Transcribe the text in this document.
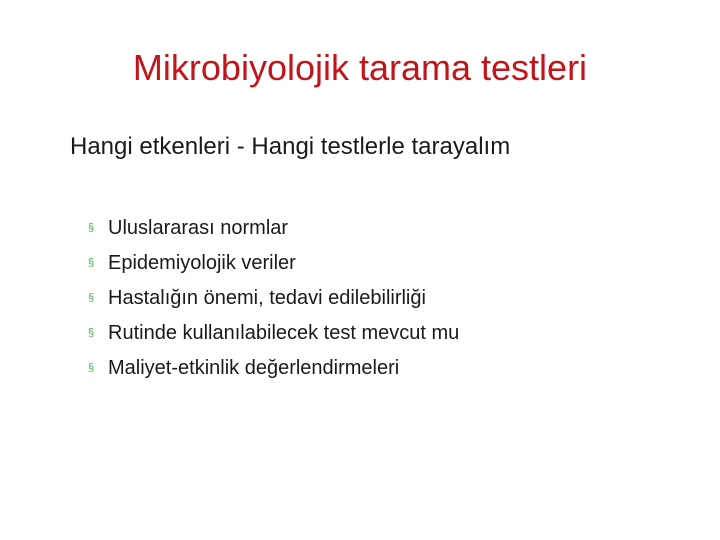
Mikrobiyolojik tarama testleri
Hangi etkenleri - Hangi testlerle tarayalım
§ Uluslararası normlar
§ Epidemiyolojik veriler
§ Hastalığın önemi, tedavi edilebilirliği
§ Rutinde kullanılabilecek test mevcut mu
§ Maliyet-etkinlik değerlendirmeleri
